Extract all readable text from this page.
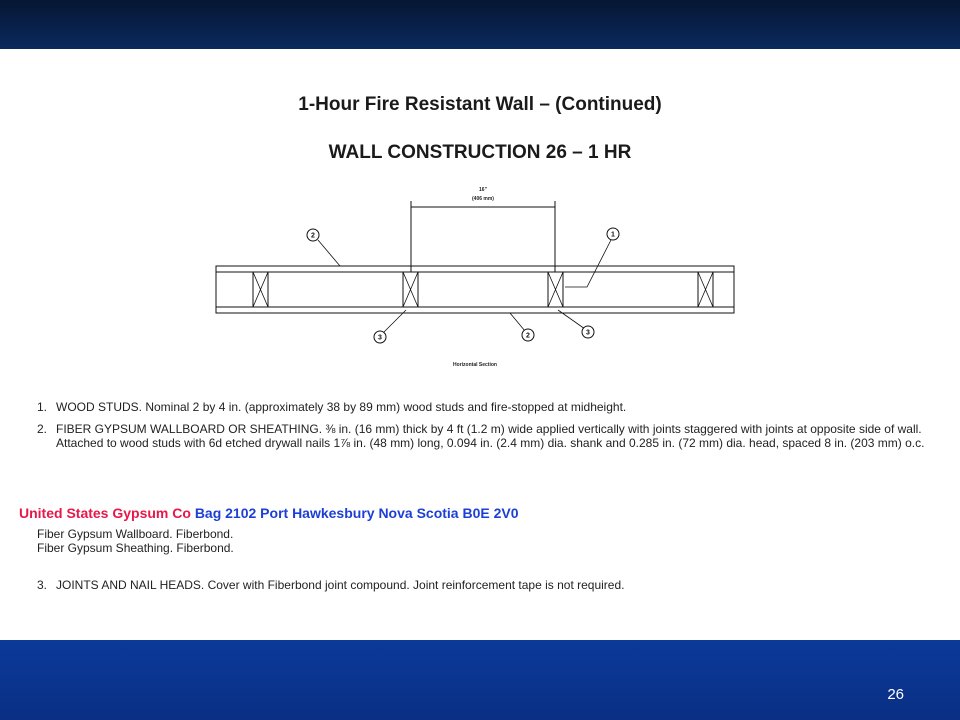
1-Hour Fire Resistant Wall – (Continued)
WALL CONSTRUCTION 26 – 1 HR
16"
(406 mm)
2	1
3	2	3
Horizontal Section
1. WOOD STUDS. Nominal 2 by 4 in. (approximately 38 by 89 mm) wood studs and fire-stopped at midheight.
2. FIBER GYPSUM WALLBOARD OR SHEATHING. ⅜ in. (16 mm) thick by 4 ft (1.2 m) wide applied vertically with joints staggered with joints at opposite side of wall. Attached to wood studs with 6d etched drywall nails 1⅞ in. (48 mm) long, 0.094 in. (2.4 mm) dia. shank and 0.285 in. (72 mm) dia. head, spaced 8 in. (203 mm) o.c.
United States Gypsum Co Bag 2102 Port Hawkesbury Nova Scotia B0E 2V0
Fiber Gypsum Wallboard. Fiberbond.
Fiber Gypsum Sheathing. Fiberbond.
3. JOINTS AND NAIL HEADS. Cover with Fiberbond joint compound. Joint reinforcement tape is not required.
26
